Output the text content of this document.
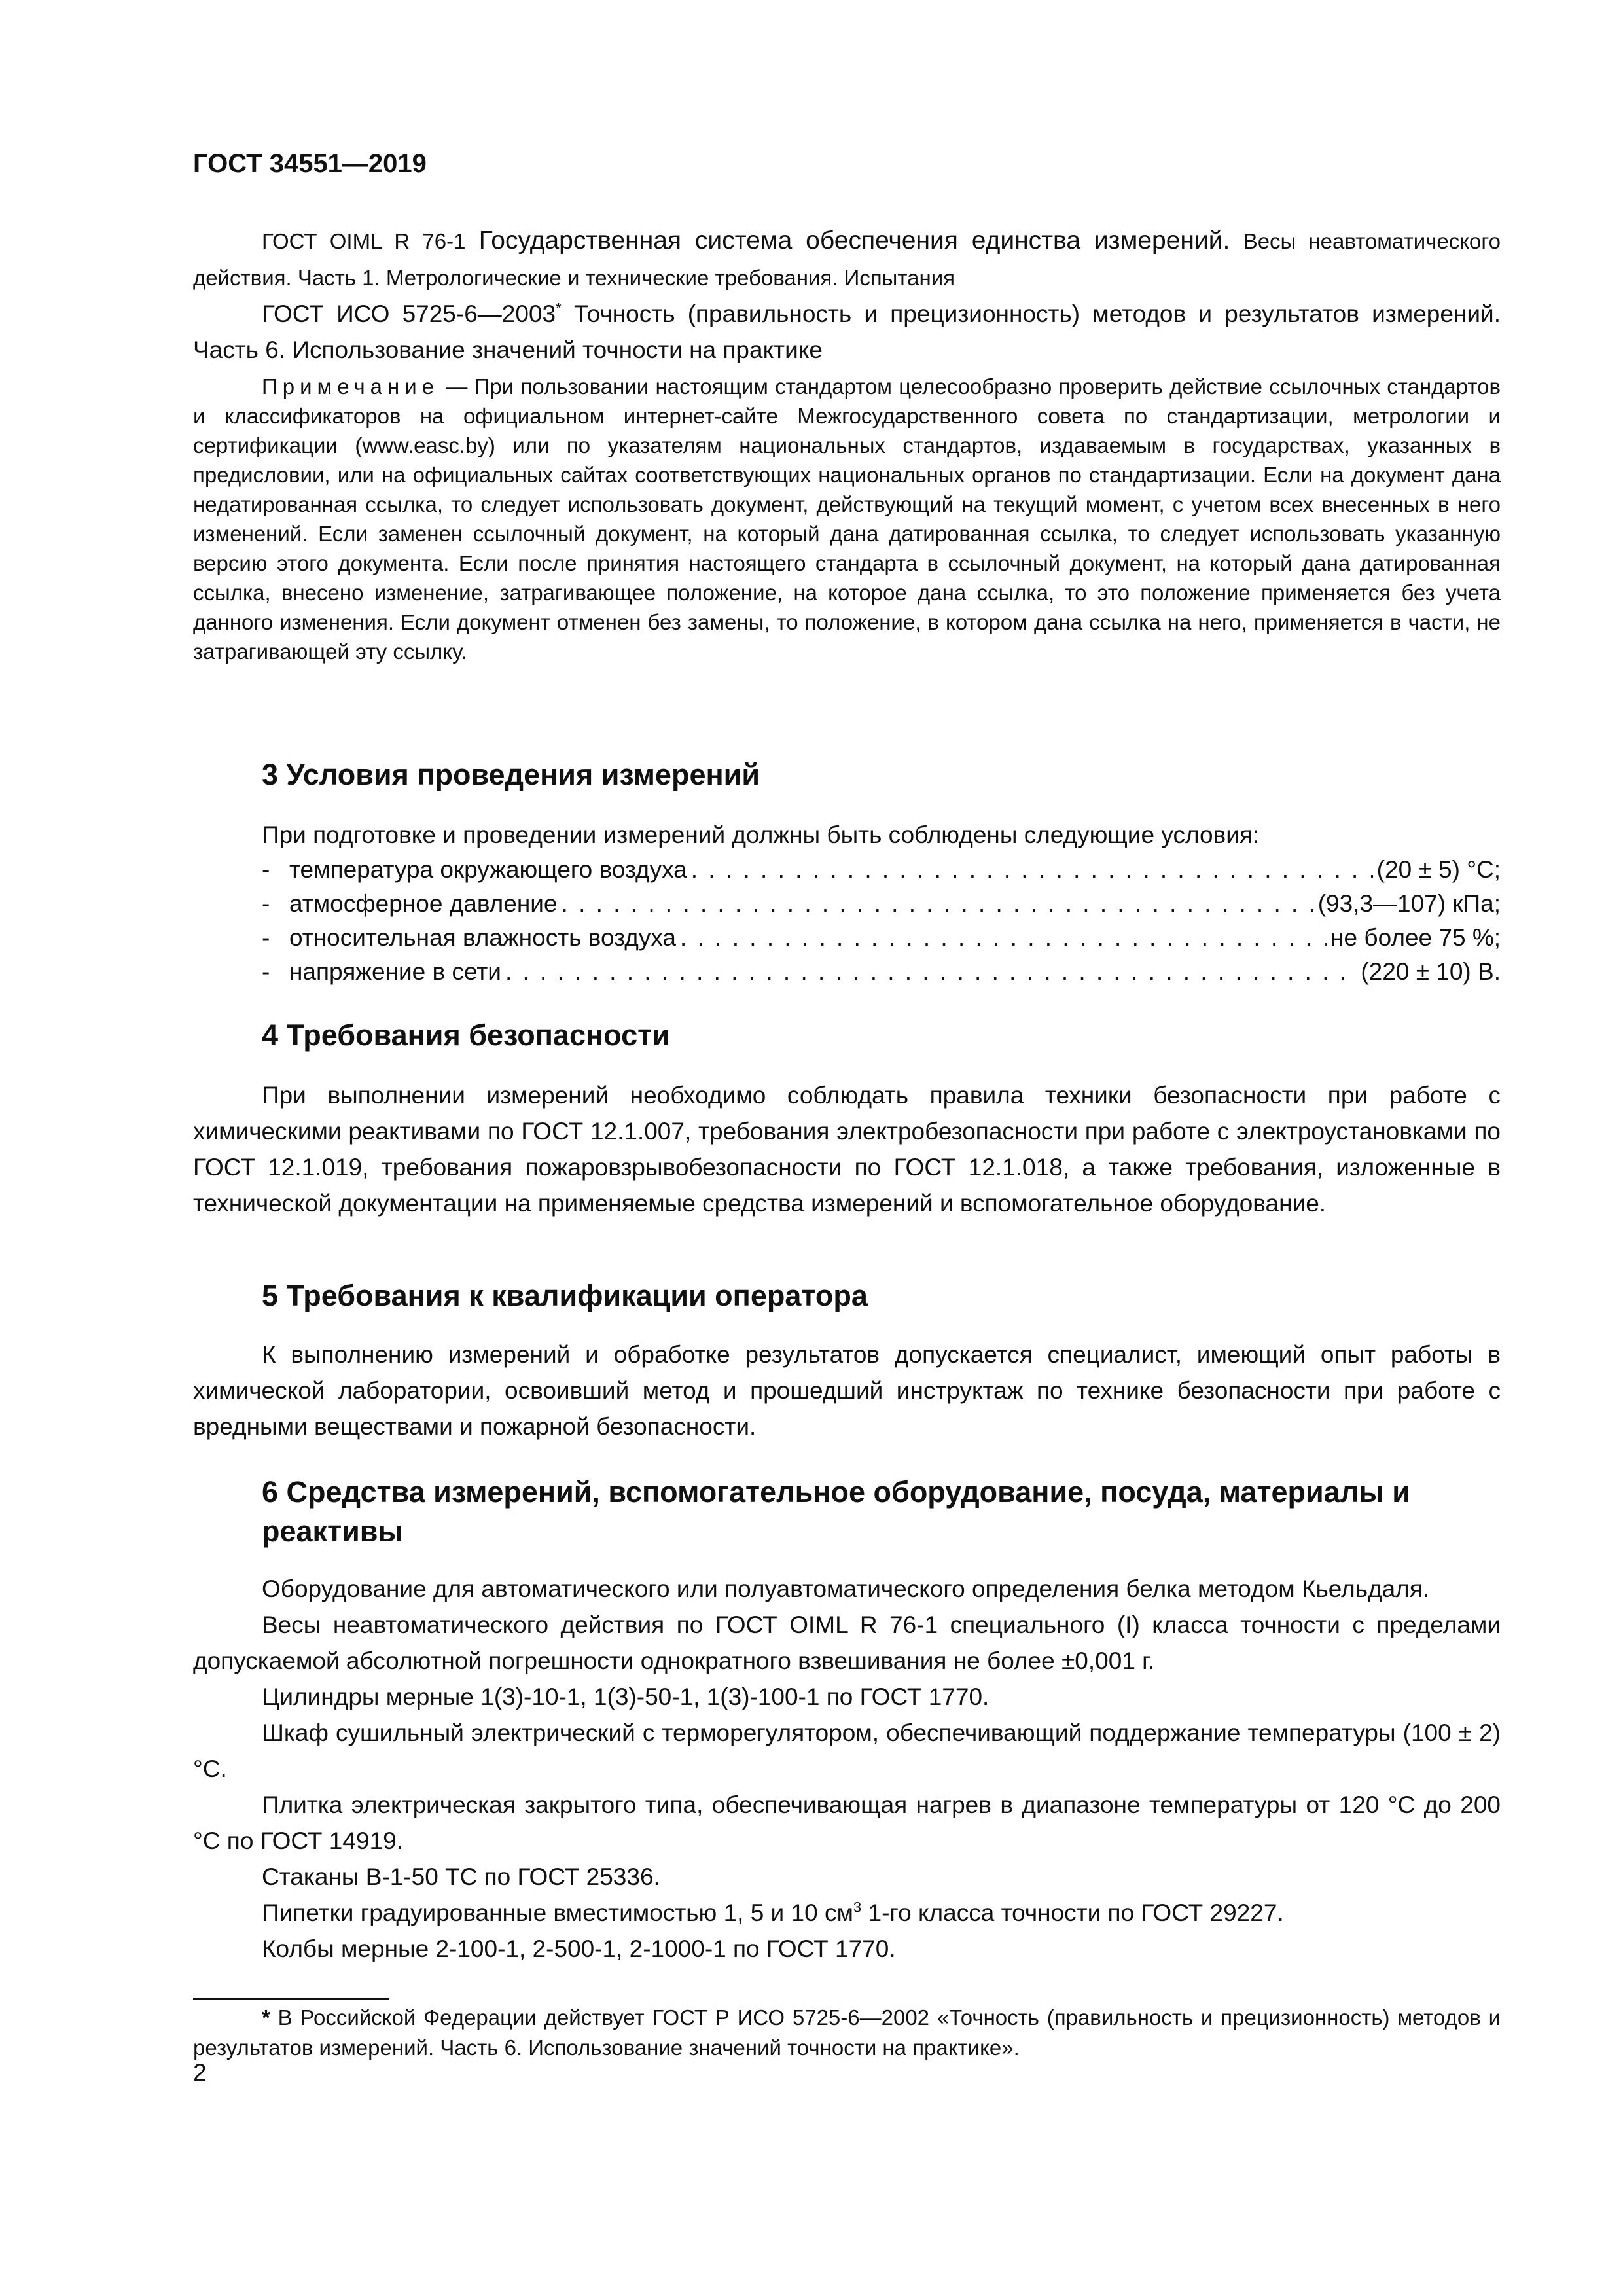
ГОСТ 34551—2019

ГОСТ OIML R 76-1 Государственная система обеспечения единства измерений. Весы неавтоматического действия. Часть 1. Метрологические и технические требования. Испытания

ГОСТ ИСО 5725-6—2003* Точность (правильность и прецизионность) методов и результатов измерений. Часть 6. Использование значений точности на практике

Примечание — При пользовании настоящим стандартом целесообразно проверить действие ссылочных стандартов и классификаторов на официальном интернет-сайте Межгосударственного совета по стандартизации, метрологии и сертификации (www.easc.by) или по указателям национальных стандартов, издаваемым в государствах, указанных в предисловии, или на официальных сайтах соответствующих национальных органов по стандартизации. Если на документ дана недатированная ссылка, то следует использовать документ, действующий на текущий момент, с учетом всех внесенных в него изменений. Если заменен ссылочный документ, на который дана датированная ссылка, то следует использовать указанную версию этого документа. Если после принятия настоящего стандарта в ссылочный документ, на который дана датированная ссылка, внесено изменение, затрагивающее положение, на которое дана ссылка, то это положение применяется без учета данного изменения. Если документ отменен без замены, то положение, в котором дана ссылка на него, применяется в части, не затрагивающей эту ссылку.

3 Условия проведения измерений

При подготовке и проведении измерений должны быть соблюдены следующие условия:

- температура окружающего воздуха . . .	(20 ± 5) °С;
- атмосферное давление . . .	(93,3—107) кПа;
- относительная влажность воздуха . . .	не более 75 %;
- напряжение в сети . . .	(220 ± 10) В.
4 Требования безопасности

При выполнении измерений необходимо соблюдать правила техники безопасности при работе с химическими реактивами по ГОСТ 12.1.007, требования электробезопасности при работе с электроустановками по ГОСТ 12.1.019, требования пожаровзрывобезопасности по ГОСТ 12.1.018, а также требования, изложенные в технической документации на применяемые средства измерений и вспомогательное оборудование.

5 Требования к квалификации оператора

К выполнению измерений и обработке результатов допускается специалист, имеющий опыт работы в химической лаборатории, освоивший метод и прошедший инструктаж по технике безопасности при работе с вредными веществами и пожарной безопасности.

6 Средства измерений, вспомогательное оборудование, посуда, материалы и реактивы

Оборудование для автоматического или полуавтоматического определения белка методом Кьельдаля.

Весы неавтоматического действия по ГОСТ OIML R 76-1 специального (I) класса точности с пределами допускаемой абсолютной погрешности однократного взвешивания не более ±0,001 г.

Цилиндры мерные 1(3)-10-1, 1(3)-50-1, 1(3)-100-1 по ГОСТ 1770.

Шкаф сушильный электрический с терморегулятором, обеспечивающий поддержание температуры (100 ± 2) °С.

Плитка электрическая закрытого типа, обеспечивающая нагрев в диапазоне температуры от 120 °С до 200 °С по ГОСТ 14919.

Стаканы В-1-50 ТС по ГОСТ 25336.

Пипетки градуированные вместимостью 1, 5 и 10 $см^3$ 1-го класса точности по ГОСТ 29227.

Колбы мерные 2-100-1, 2-500-1, 2-1000-1 по ГОСТ 1770.

* В Российской Федерации действует ГОСТ Р ИСО 5725-6—2002 «Точность (правильность и прецизионность) методов и результатов измерений. Часть 6. Использование значений точности на практике».

2
